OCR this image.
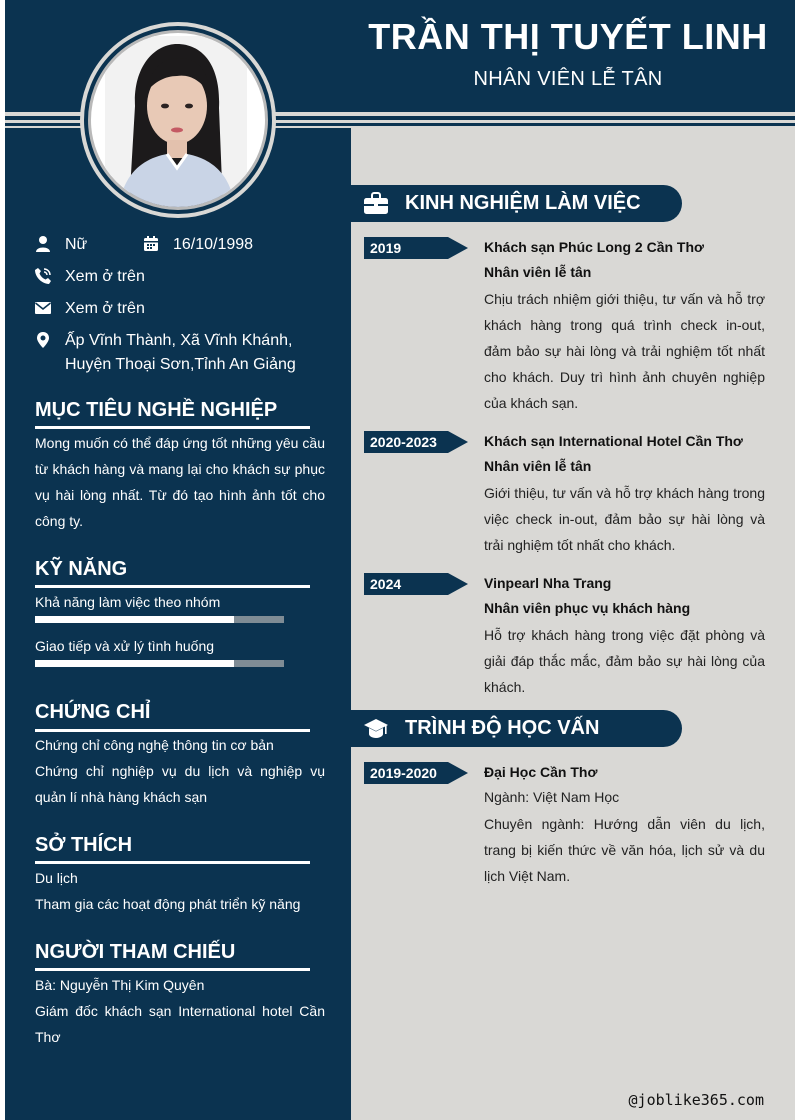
TRẦN THỊ TUYẾT LINH
NHÂN VIÊN LỄ TÂN
Nữ	16/10/1998
Xem ở trên
Xem ở trên
Ấp Vĩnh Thành, Xã Vĩnh Khánh, Huyện Thoại Sơn,Tỉnh An Giảng
MỤC TIÊU NGHỀ NGHIỆP
Mong muốn có thể đáp ứng tốt những yêu cầu từ khách hàng và mang lại cho khách sự phục vụ hài lòng nhất. Từ đó tạo hình ảnh tốt cho công ty.
KỸ NĂNG
Khả năng làm việc theo nhóm
Giao tiếp và xử lý tình huống
CHỨNG CHỈ
Chứng chỉ công nghệ thông tin cơ bản
Chứng chỉ nghiệp vụ du lịch và nghiệp vụ quản lí nhà hàng khách sạn
SỞ THÍCH
Du lịch
Tham gia các hoạt động phát triển kỹ năng
NGƯỜI THAM CHIẾU
Bà: Nguyễn Thị Kim Quyên
Giám đốc khách sạn International hotel Cần Thơ
KINH NGHIỆM LÀM VIỆC
2019	Khách sạn Phúc Long 2 Cần Thơ
Nhân viên lễ tân
Chịu trách nhiệm giới thiệu, tư vấn và hỗ trợ khách hàng trong quá trình check in-out, đảm bảo sự hài lòng và trải nghiệm tốt nhất cho khách. Duy trì hình ảnh chuyên nghiệp của khách sạn.
2020-2023	Khách sạn International Hotel Cần Thơ
Nhân viên lễ tân
Giới thiệu, tư vấn và hỗ trợ khách hàng trong việc check in-out, đảm bảo sự hài lòng và trải nghiệm tốt nhất cho khách.
2024	Vinpearl Nha Trang
Nhân viên phục vụ khách hàng
Hỗ trợ khách hàng trong việc đặt phòng và giải đáp thắc mắc, đảm bảo sự hài lòng của khách.
TRÌNH ĐỘ HỌC VẤN
2019-2020	Đại Học Cần Thơ
Ngành: Việt Nam Học
Chuyên ngành: Hướng dẫn viên du lịch, trang bị kiến thức về văn hóa, lịch sử và du lịch Việt Nam.
@joblike365.com
